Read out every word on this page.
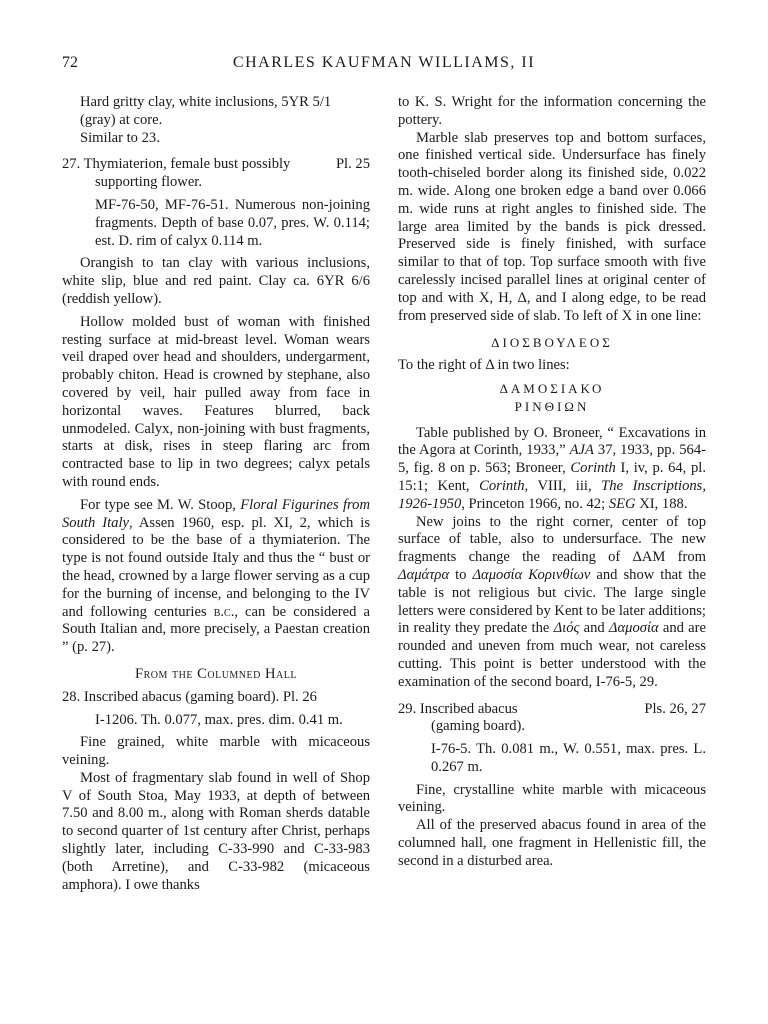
72	CHARLES KAUFMAN WILLIAMS, II

Hard gritty clay, white inclusions, 5YR 5/1 (gray) at core.

Similar to 23.

27. Thymiaterion, female bust possibly supporting flower.
Pl. 25

MF-76-50, MF-76-51. Numerous non-joining fragments. Depth of base 0.07, pres. W. 0.114; est. D. rim of calyx 0.114 m.

Orangish to tan clay with various inclusions, white slip, blue and red paint. Clay ca. 6YR 6/6 (reddish yellow).

Hollow molded bust of woman with finished resting surface at mid-breast level. Woman wears veil draped over head and shoulders, undergarment, probably chiton. Head is crowned by stephane, also covered by veil, hair pulled away from face in horizontal waves. Features blurred, back unmodeled. Calyx, non-joining with bust fragments, starts at disk, rises in steep flaring arc from contracted base to lip in two degrees; calyx petals with round ends.

For type see M. W. Stoop, Floral Figurines from South Italy, Assen 1960, esp. pl. XI, 2, which is considered to be the base of a thymiaterion. The type is not found outside Italy and thus the “ bust or the head, crowned by a large flower serving as a cup for the burning of incense, and belonging to the IV and following centuries b.c., can be considered a South Italian and, more precisely, a Paestan creation ” (p. 27).

From the Columned Hall

28. Inscribed abacus (gaming board). Pl. 26

I-1206. Th. 0.077, max. pres. dim. 0.41 m.

Fine grained, white marble with micaceous veining.

Most of fragmentary slab found in well of Shop V of South Stoa, May 1933, at depth of between 7.50 and 8.00 m., along with Roman sherds datable to second quarter of 1st century after Christ, perhaps slightly later, including C-33-990 and C-33-983 (both Arretine), and C-33-982 (micaceous amphora). I owe thanks

to K. S. Wright for the information concerning the pottery.

Marble slab preserves top and bottom surfaces, one finished vertical side. Undersurface has finely tooth-chiseled border along its finished side, 0.022 m. wide. Along one broken edge a band over 0.066 m. wide runs at right angles to finished side. The large area limited by the bands is pick dressed. Preserved side is finely finished, with surface similar to that of top. Top surface smooth with five carelessly incised parallel lines at original center of top and with X, H, Δ, and I along edge, to be read from preserved side of slab. To left of X in one line:

ΔΙΟΣΒΟΥΛΕΟΣ

To the right of Δ in two lines:

ΔΑΜΟΣΙΑΚΟ

ΡΙΝΘΙΩΝ

Table published by O. Broneer, “ Excavations in the Agora at Corinth, 1933,” AJA 37, 1933, pp. 564-5, fig. 8 on p. 563; Broneer, Corinth I, iv, p. 64, pl. 15:1; Kent, Corinth, VIII, iii, The Inscriptions, 1926-1950, Princeton 1966, no. 42; SEG XI, 188.

New joins to the right corner, center of top surface of table, also to undersurface. The new fragments change the reading of ΔΑΜ from Δαμάτρα to Δαμοσία Κορινθίων and show that the table is not religious but civic. The large single letters were considered by Kent to be later additions; in reality they predate the Διός and Δαμοσία and are rounded and uneven from much wear, not careless cutting. This point is better understood with the examination of the second board, I-76-5, 29.

29. Inscribed abacus	Pls. 26, 27

(gaming board).

I-76-5. Th. 0.081 m., W. 0.551, max. pres. L. 0.267 m.

Fine, crystalline white marble with micaceous veining.

All of the preserved abacus found in area of the columned hall, one fragment in Hellenistic fill, the second in a disturbed area.
